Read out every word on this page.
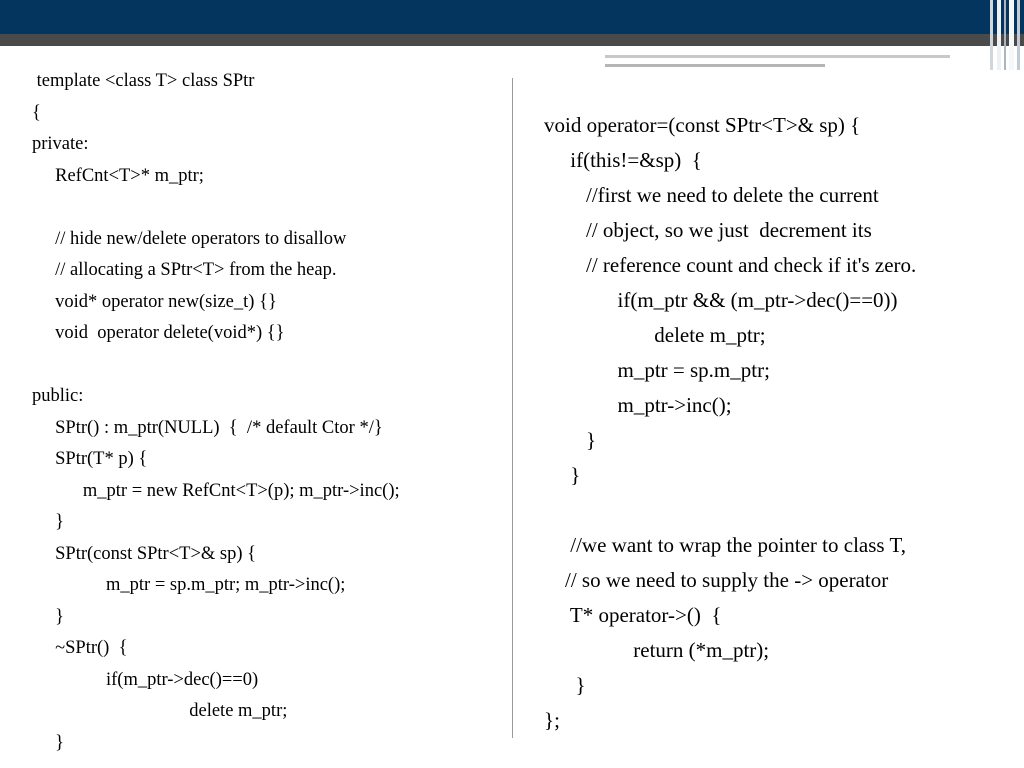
template <class T> class SPtr
{
private:
RefCnt<T>* m_ptr;
// hide new/delete operators to disallow
// allocating a SPtr<T> from the heap.
void* operator new(size_t) {}
void  operator delete(void*) {}
public:
SPtr() : m_ptr(NULL)  {  /* default Ctor */}
SPtr(T* p) {
m_ptr = new RefCnt<T>(p); m_ptr->inc();
}
SPtr(const SPtr<T>& sp) {
m_ptr = sp.m_ptr; m_ptr->inc();
}
~SPtr()  {
if(m_ptr->dec()==0)
delete m_ptr;
}
void operator=(const SPtr<T>& sp) {
if(this!=&sp)  {
//first we need to delete the current
// object, so we just  decrement its
// reference count and check if it's zero.
if(m_ptr && (m_ptr->dec()==0))
delete m_ptr;
m_ptr = sp.m_ptr;
m_ptr->inc();
}
}
//we want to wrap the pointer to class T,
// so we need to supply the -> operator
T* operator->()  {
return (*m_ptr);
}
};
